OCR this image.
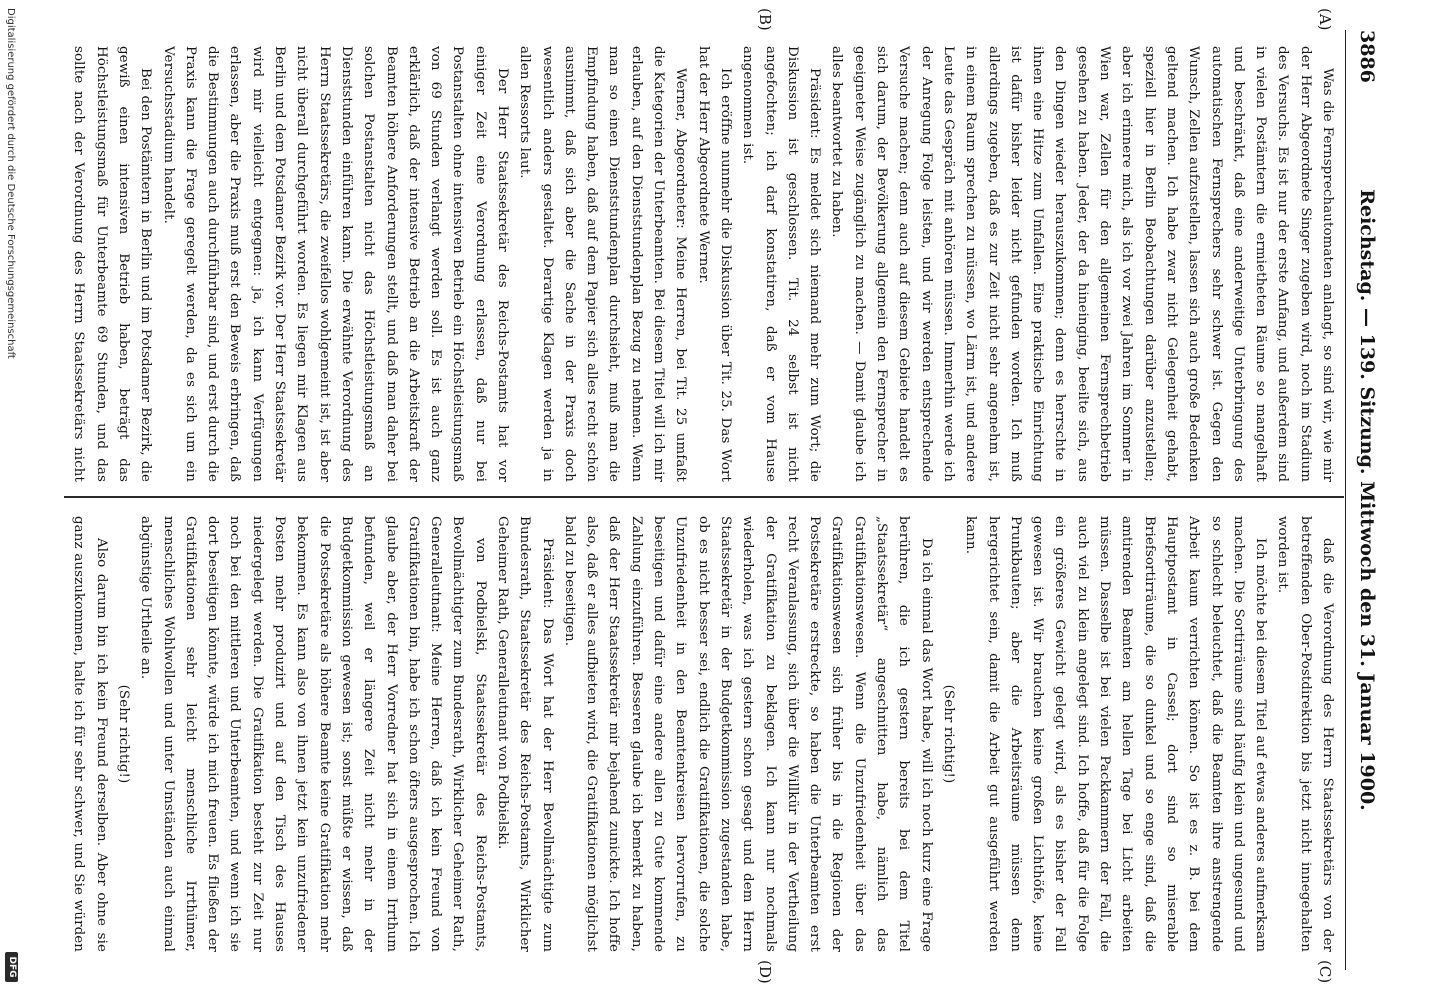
3886
Reichstag. — 139. Sitzung. Mittwoch den 31. Januar 1900.
(A)
(B)
(C)
(D)

Was die Fernsprechautomaten anlangt, so sind wir, wie mir der Herr Abgeordnete Singer zugeben wird, noch im Stadium des Versuchs. Es ist nur der erste Anfang, und außerdem sind in vielen Postämtern die ermietheten Räume so mangelhaft und beschränkt, daß eine anderweitige Unterbringung des automatischen Fernsprechers sehr schwer ist. Gegen den Wunsch, Zellen aufzustellen, lassen sich auch große Bedenken geltend machen. Ich habe zwar nicht Gelegenheit gehabt, speziell hier in Berlin Beobachtungen darüber anzustellen; aber ich erinnere mich, als ich vor zwei Jahren im Sommer in Wien war, Zellen für den allgemeinen Fernsprechbetrieb gesehen zu haben. Jeder, der da hineinging, beeilte sich, aus den Dingen wieder herauszukommen; denn es herrschte in ihnen eine Hitze zum Umfallen. Eine praktische Einrichtung ist dafür bisher leider nicht gefunden worden. Ich muß allerdings zugeben, daß es zur Zeit nicht sehr angenehm ist, in einem Raum sprechen zu müssen, wo Lärm ist, und andere Leute das Gespräch mit anhören müssen. Immerhin werde ich der Anregung Folge leisten, und wir werden entsprechende Versuche machen; denn auch auf diesem Gebiete handelt es sich darum, der Bevölkerung allgemein den Fernsprecher in geeigneter Weise zugänglich zu machen. — Damit glaube ich alles beantwortet zu haben.

Präsident: Es meldet sich niemand mehr zum Wort; die Diskussion ist geschlossen. Tit. 24 selbst ist nicht angefochten; ich darf konstatiren, daß er vom Hause angenommen ist.

Ich eröffne nunmehr die Diskussion über Tit. 25. Das Wort hat der Herr Abgeordnete Werner.

Werner, Abgeordneter: Meine Herren, bei Tit. 25 umfaßt die Kategorien der Unterbeamten. Bei diesem Titel will ich mir erlauben, auf den Dienststundenplan Bezug zu nehmen. Wenn man so einen Dienststundenplan durchsieht, muß man die Empfindung haben, daß auf dem Papier sich alles recht schön ausnimmt, daß sich aber die Sache in der Praxis doch wesentlich anders gestaltet. Derartige Klagen werden ja in allen Ressorts laut.

Der Herr Staatssekretär des Reichs-Postamts hat vor einiger Zeit eine Verordnung erlassen, daß nur bei Postanstalten ohne intensiven Betrieb ein Höchstleistungsmaß von 69 Stunden verlangt werden soll. Es ist auch ganz erklärlich, daß der intensive Betrieb an die Arbeitskraft der Beamten höhere Anforderungen stellt, und daß man daher bei solchen Postanstalten nicht das Höchstleistungsmaß an Dienststunden einführen kann. Die erwähnte Verordnung des Herrn Staatssekretärs, die zweifellos wohlgemeint ist, ist aber nicht überall durchgeführt worden. Es liegen mir Klagen aus Berlin und dem Potsdamer Bezirk vor. Der Herr Staatssekretär wird mir vielleicht entgegnen: ja, ich kann Verfügungen erlassen, aber die Praxis muß erst den Beweis erbringen, daß die Bestimmungen auch durchführbar sind, und erst durch die Praxis kann die Frage geregelt werden, da es sich um ein Versuchsstadium handelt.

Bei den Postämtern in Berlin und im Potsdamer Bezirk, die gewiß einen intensiven Betrieb haben, beträgt das Höchstleistungsmaß für Unterbeamte 69 Stunden, und das sollte nach der Verordnung des Herrn Staatssekretärs nicht

daß die Verordnung des Herrn Staatssekretärs von der betreffenden Ober-Postdirektion bis jetzt nicht innegehalten worden ist.

Ich möchte bei diesem Titel auf etwas anderes aufmerksam machen. Die Sortirräume sind häufig klein und ungesund und so schlecht beleuchtet, daß die Beamten ihre anstrengende Arbeit kaum verrichten können. So ist es z. B. bei dem Hauptpostamt in Cassel; dort sind so miserable Briefsortirräume, die so dunkel und so enge sind, daß die amtirenden Beamten am hellen Tage bei Licht arbeiten müssen. Dasselbe ist bei vielen Packkammern der Fall, die auch viel zu klein angelegt sind. Ich hoffe, daß für die Folge ein größeres Gewicht gelegt wird, als es bisher der Fall gewesen ist. Wir brauchen keine großen Lichthöfe, keine Prunkbauten; aber die Arbeitsräume müssen denn hergerichtet sein, damit die Arbeit gut ausgeführt werden kann.

(Sehr richtig!)

Da ich einmal das Wort habe, will ich noch kurz eine Frage berühren, die ich gestern bereits bei dem Titel „Staatssekretär“ angeschnitten habe, nämlich das Gratifikationswesen. Wenn die Unzufriedenheit über das Gratifikationswesen sich früher bis in die Regionen der Postsekretäre erstreckte, so haben die Unterbeamten erst recht Veranlassung, sich über die Willkür in der Vertheilung der Gratifikation zu beklagen. Ich kann nur nochmals wiederholen, was ich gestern schon gesagt und dem Herrn Staatssekretär in der Budgetkommission zugestanden habe, ob es nicht besser sei, endlich die Gratifikationen, die solche Unzufriedenheit in den Beamtenkreisen hervorrufen, zu beseitigen und dafür eine andere allen zu Gute kommende Zahlung einzuführen. Besseren glaube ich bemerkt zu haben, daß der Herr Staatssekretär mir bejahend zunickte. Ich hoffe also, daß er alles aufbieten wird, die Gratifikationen möglichst bald zu beseitigen.

Präsident: Das Wort hat der Herr Bevollmächtigte zum Bundesrath, Staatssekretär des Reichs-Postamts, Wirklicher Geheimer Rath, Generalleutnant von Podbielski.

von Podbielski, Staatssekretär des Reichs-Postamts, Bevollmächtigter zum Bundesrath, Wirklicher Geheimer Rath, Generalleutnant: Meine Herren, daß ich kein Freund von Gratifikationen bin, habe ich schon öfters ausgesprochen. Ich glaube aber, der Herr Vorredner hat sich in einem Irrthum befunden, weil er längere Zeit nicht mehr in der Budgetkommission gewesen ist; sonst müßte er wissen, daß die Postsekretäre als höhere Beamte keine Gratifikation mehr bekommen. Es kann also von ihnen jetzt kein unzufriedener Posten mehr produzirt und auf den Tisch des Hauses niedergelegt werden. Die Gratifikation besteht zur Zeit nur noch bei den mittleren und Unterbeamten, und wenn ich sie dort beseitigen könnte, würde ich mich freuen. Es fließen der Gratifikationen sehr leicht menschliche Irrthümer, menschliches Wohlwollen und unter Umständen auch einmal abgünstige Urtheile an.

(Sehr richtig!)

Also darum bin ich kein Freund derselben. Aber ohne sie ganz auszukommen, halte ich für sehr schwer, und Sie würden

Digitalisierung gefördert durch die Deutsche Forschungsgemeinschaft
DFG
